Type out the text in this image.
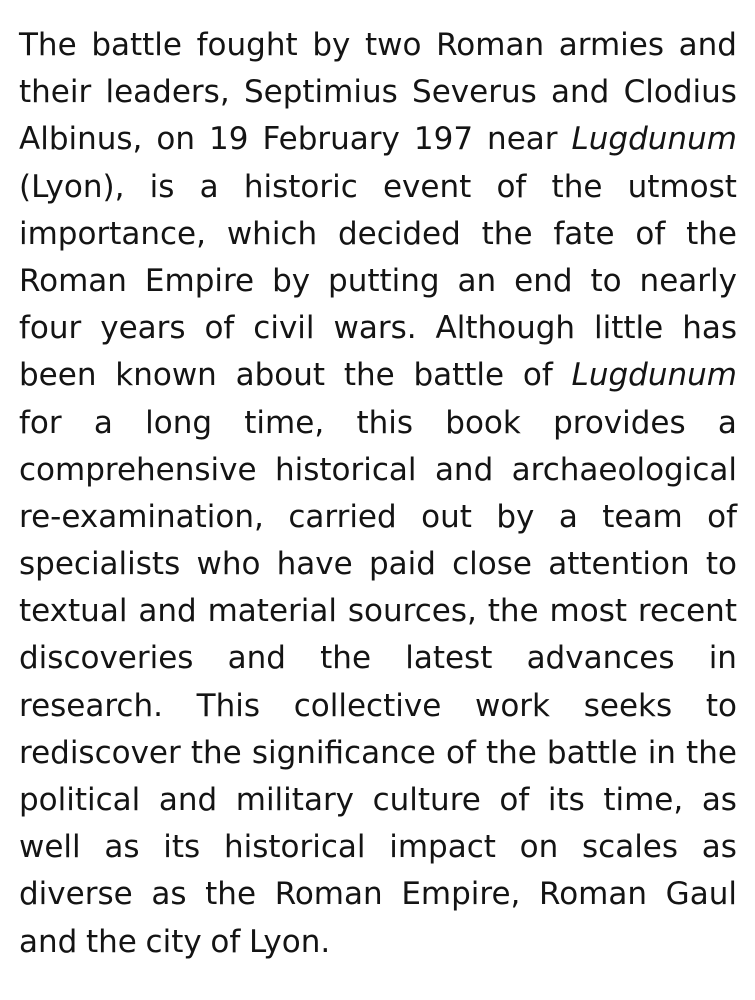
The battle fought by two Roman armies and
their leaders, Septimius Severus and Clodius
Albinus, on 19 February 197 near Lugdunum
(Lyon), is a historic event of the utmost
importance, which decided the fate of the
Roman Empire by putting an end to nearly
four years of civil wars. Although little has
been known about the battle of Lugdunum
for a long time, this book provides a
comprehensive historical and archaeological
re-examination, carried out by a team of
specialists who have paid close attention to
textual and material sources, the most recent
discoveries and the latest advances in
research. This collective work seeks to
rediscover the significance of the battle in the
political and military culture of its time, as
well as its historical impact on scales as
diverse as the Roman Empire, Roman Gaul
and the city of Lyon.
